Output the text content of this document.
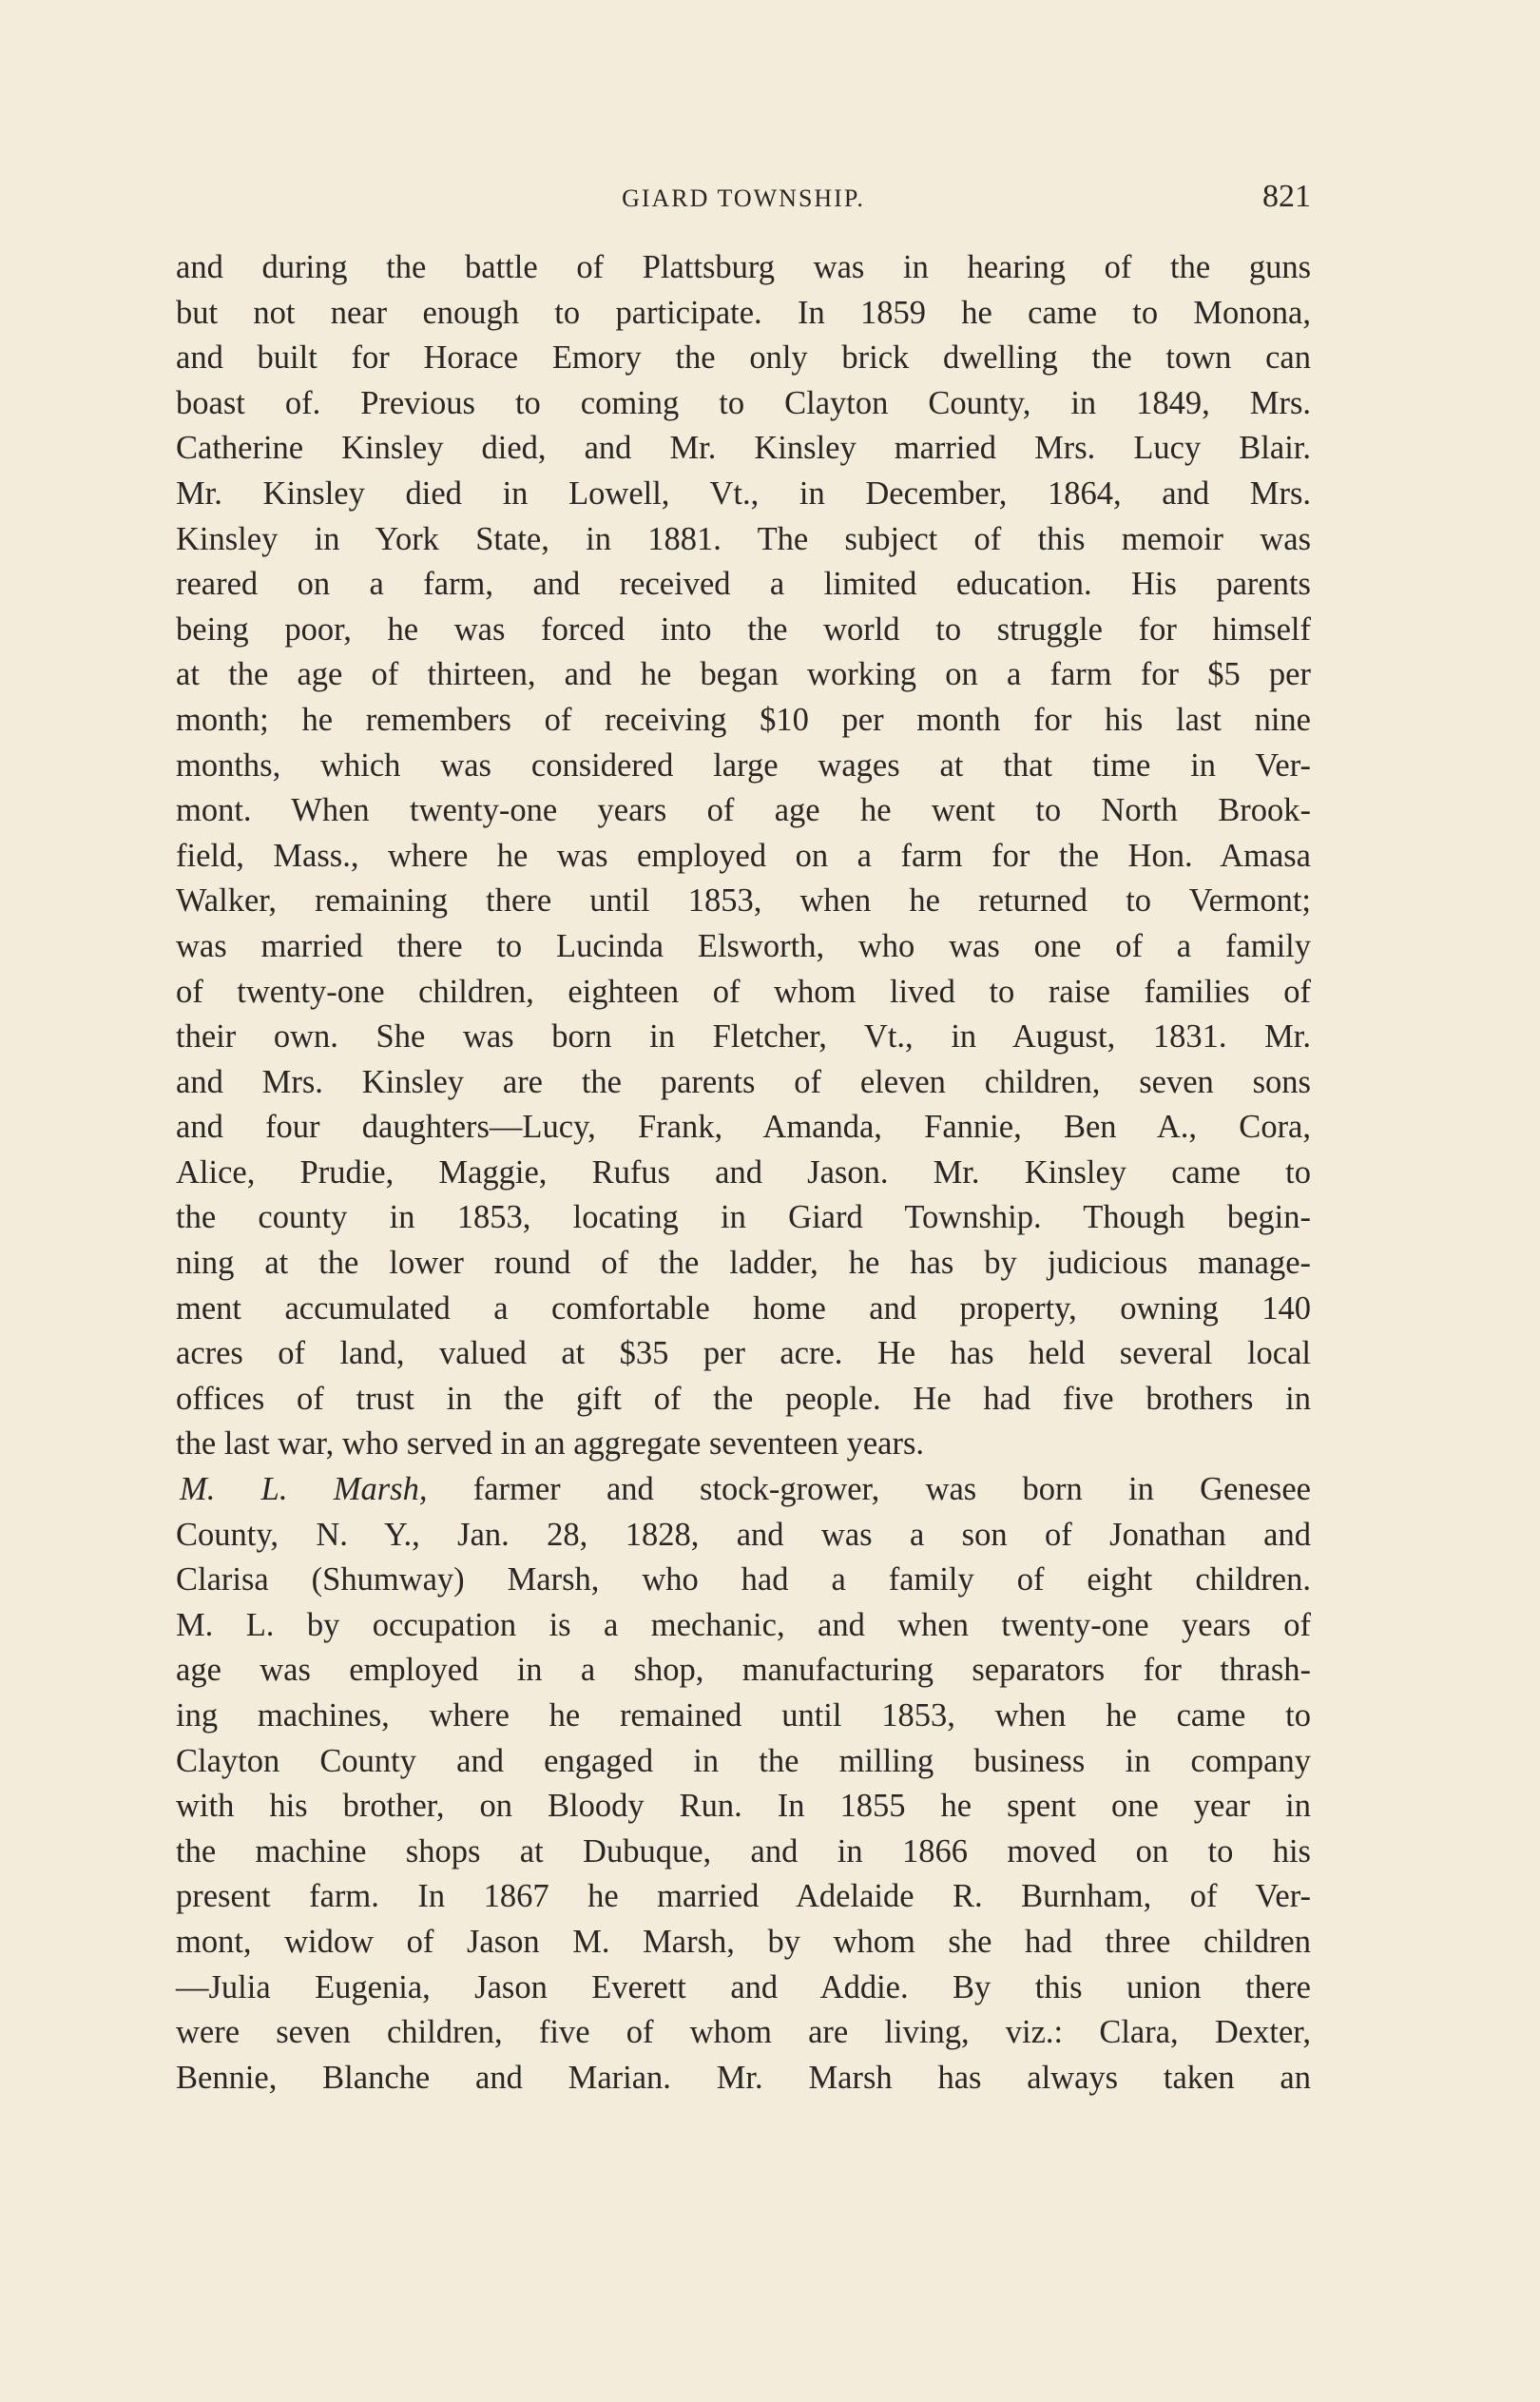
GIARD TOWNSHIP.	821
and during the battle of Plattsburg was in hearing of the guns
but not near enough to participate. In 1859 he came to Monona,
and built for Horace Emory the only brick dwelling the town can
boast of. Previous to coming to Clayton County, in 1849, Mrs.
Catherine Kinsley died, and Mr. Kinsley married Mrs. Lucy Blair.
Mr. Kinsley died in Lowell, Vt., in December, 1864, and Mrs.
Kinsley in York State, in 1881. The subject of this memoir was
reared on a farm, and received a limited education. His parents
being poor, he was forced into the world to struggle for himself
at the age of thirteen, and he began working on a farm for $5 per
month; he remembers of receiving $10 per month for his last nine
months, which was considered large wages at that time in Ver-
mont. When twenty-one years of age he went to North Brook-
field, Mass., where he was employed on a farm for the Hon. Amasa
Walker, remaining there until 1853, when he returned to Vermont;
was married there to Lucinda Elsworth, who was one of a family
of twenty-one children, eighteen of whom lived to raise families of
their own. She was born in Fletcher, Vt., in August, 1831. Mr.
and Mrs. Kinsley are the parents of eleven children, seven sons
and four daughters—Lucy, Frank, Amanda, Fannie, Ben A., Cora,
Alice, Prudie, Maggie, Rufus and Jason. Mr. Kinsley came to
the county in 1853, locating in Giard Township. Though begin-
ning at the lower round of the ladder, he has by judicious manage-
ment accumulated a comfortable home and property, owning 140
acres of land, valued at $35 per acre. He has held several local
offices of trust in the gift of the people. He had five brothers in
the last war, who served in an aggregate seventeen years.
M. L. Marsh, farmer and stock-grower, was born in Genesee
County, N. Y., Jan. 28, 1828, and was a son of Jonathan and
Clarisa (Shumway) Marsh, who had a family of eight children.
M. L. by occupation is a mechanic, and when twenty-one years of
age was employed in a shop, manufacturing separators for thrash-
ing machines, where he remained until 1853, when he came to
Clayton County and engaged in the milling business in company
with his brother, on Bloody Run. In 1855 he spent one year in
the machine shops at Dubuque, and in 1866 moved on to his
present farm. In 1867 he married Adelaide R. Burnham, of Ver-
mont, widow of Jason M. Marsh, by whom she had three children
—Julia Eugenia, Jason Everett and Addie. By this union there
were seven children, five of whom are living, viz.: Clara, Dexter,
Bennie, Blanche and Marian. Mr. Marsh has always taken an
